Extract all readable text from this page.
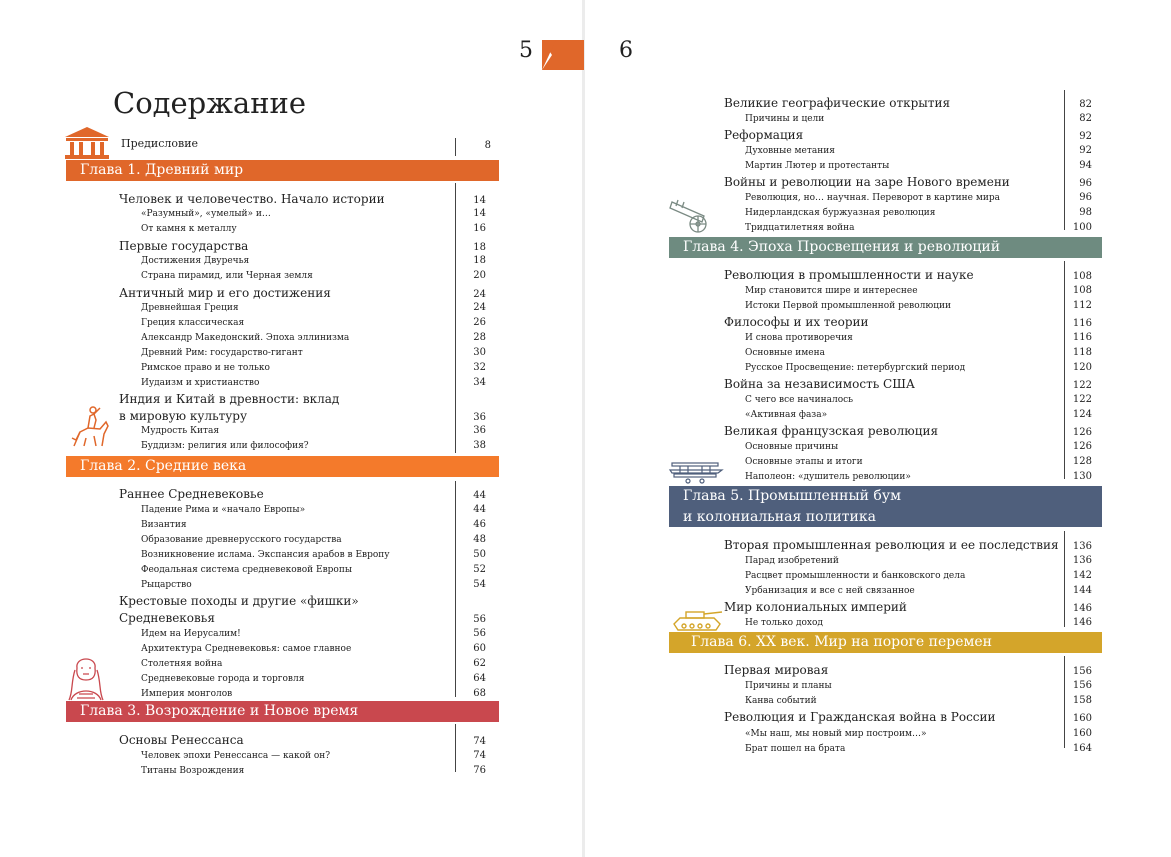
5
Содержание
Предисловие	8
Глава 1. Древний мир
Человек и человечество. Начало истории	14
«Разумный», «умелый» и…	14
От камня к металлу	16
Первые государства	18
Достижения Двуречья	18
Страна пирамид, или Черная земля	20
Античный мир и его достижения	24
Древнейшая Греция	24
Греция классическая	26
Александр Македонский. Эпоха эллинизма	28
Древний Рим: государство-гигант	30
Римское право и не только	32
Иудаизм и христианство	34
Индия и Китай в древности: вклад
в мировую культуру	36
Мудрость Китая	36
Буддизм: религия или философия?	38
Раннее Средневековье	44
Падение Рима и «начало Европы»	44
Византия	46
Образование древнерусского государства	48
Возникновение ислама. Экспансия арабов в Европу	50
Феодальная система средневековой Европы	52
Рыцарство	54
Крестовые походы и другие «фишки»
Средневековья	56
Идем на Иерусалим!	56
Архитектура Средневековья: самое главное	60
Столетняя война	62
Средневековые города и торговля	64
Империя монголов	68
Основы Ренессанса	74
Человек эпохи Ренессанса — какой он?	74
Титаны Возрождения	76
Глава 2. Средние века
Глава 3. Возрождение и Новое время
6
Великие географические открытия	82
Причины и цели	82
Реформация	92
Духовные метания	92
Мартин Лютер и протестанты	94
Войны и революции на заре Нового времени	96
Революция, но… научная. Переворот в картине мира	96
Нидерландская буржуазная революция	98
Тридцатилетняя война	100
Революция в промышленности и науке	108
Мир становится шире и интереснее	108
Истоки Первой промышленной революции	112
Философы и их теории	116
И снова противоречия	116
Основные имена	118
Русское Просвещение: петербургский период	120
Война за независимость США	122
С чего все начиналось	122
«Активная фаза»	124
Великая французская революция	126
Основные причины	126
Основные этапы и итоги	128
Наполеон: «душитель революции»	130
Вторая промышленная революция и ее последствия	136
Парад изобретений	136
Расцвет промышленности и банковского дела	142
Урбанизация и все с ней связанное	144
Мир колониальных империй	146
Не только доход	146
Первая мировая	156
Причины и планы	156
Канва событий	158
Революция и Гражданская война в России	160
«Мы наш, мы новый мир построим…»	160
Брат пошел на брата	164
Глава 4. Эпоха Просвещения и революций
Глава 5. Промышленный бум
и колониальная политика
Глава 6. XX век. Мир на пороге перемен
